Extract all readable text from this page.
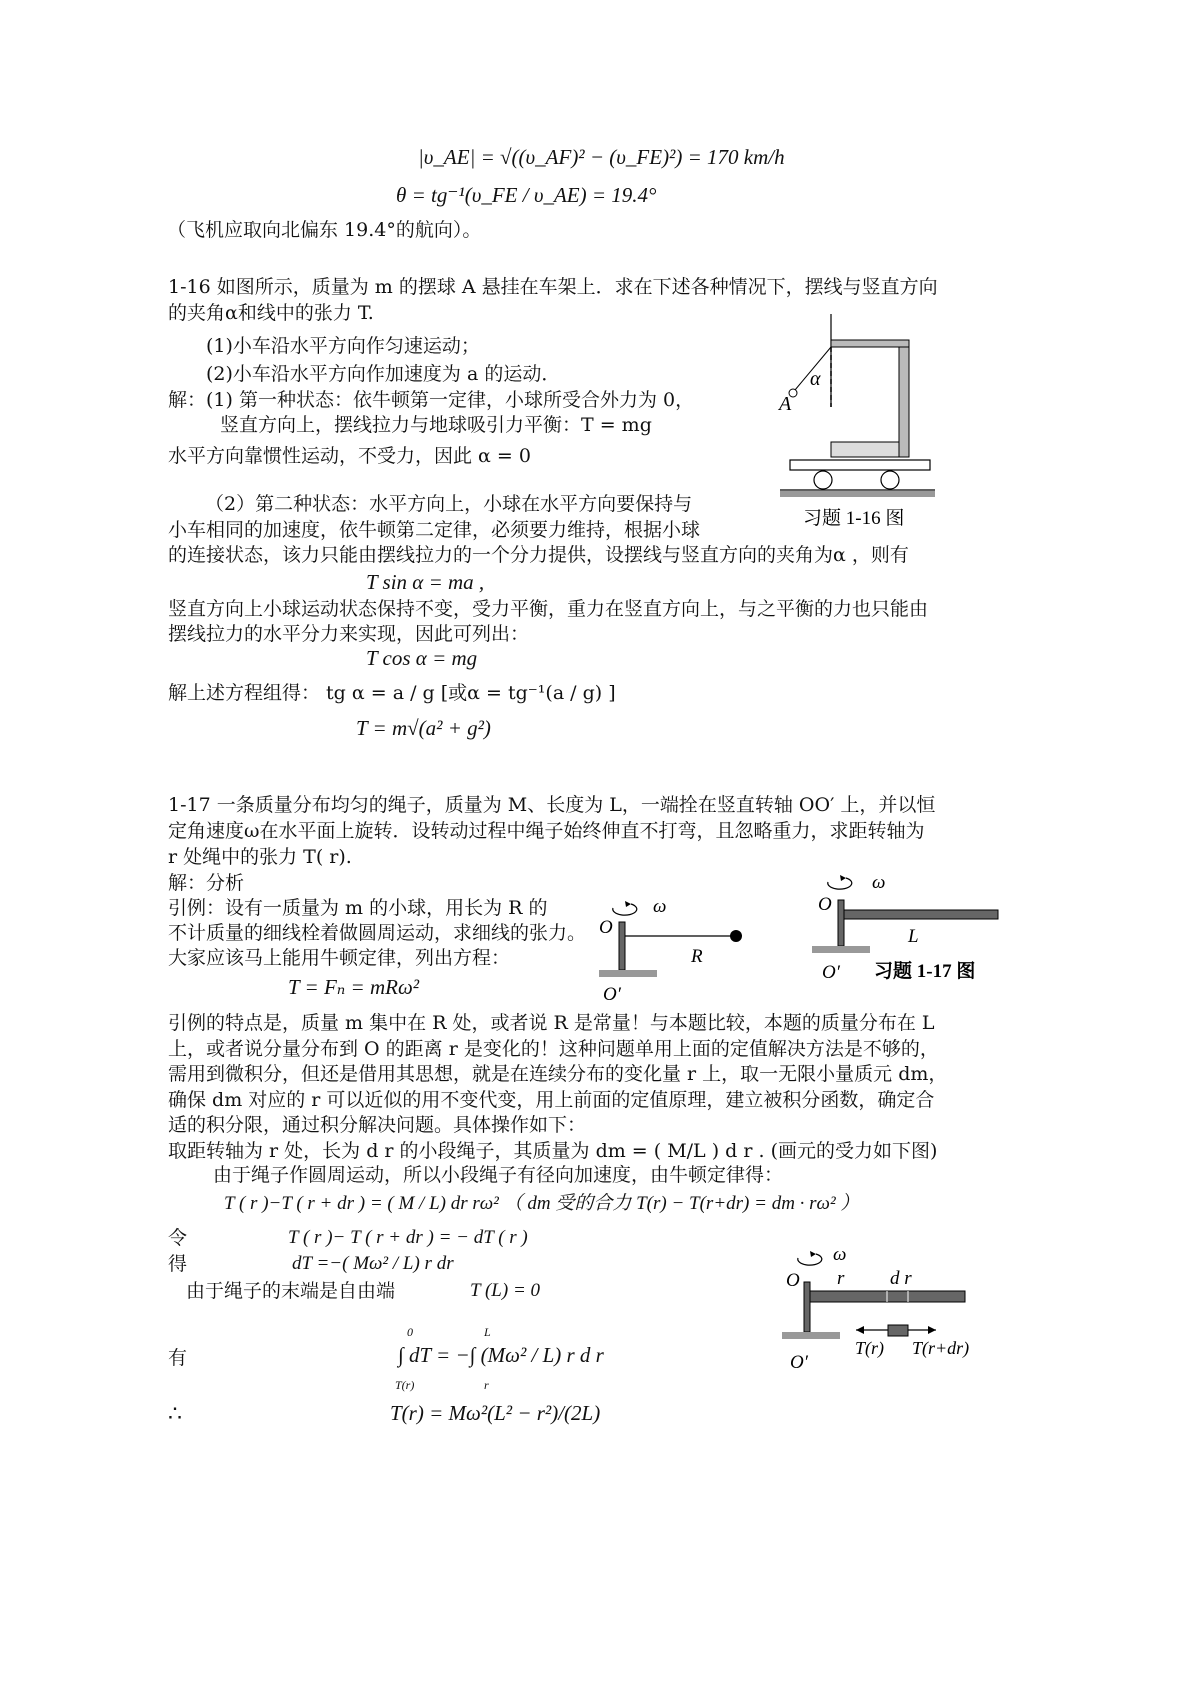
|υ_AE| = √((υ_AF)² − (υ_FE)²) = 170 km/h
θ = tg⁻¹(υ_FE / υ_AE) = 19.4°
（飞机应取向北偏东 19.4°的航向）。
1-16 如图所示，质量为 m 的摆球 A 悬挂在车架上．求在下述各种情况下，摆线与竖直方向
的夹角α和线中的张力 T.
(1)小车沿水平方向作匀速运动；
(2)小车沿水平方向作加速度为 a 的运动．
解：(1) 第一种状态：依牛顿第一定律，小球所受合外力为 0，
竖直方向上，摆线拉力与地球吸引力平衡：T = mg
水平方向靠惯性运动，不受力，因此 α = 0
（2）第二种状态：水平方向上，小球在水平方向要保持与
小车相同的加速度，依牛顿第二定律，必须要力维持，根据小球
的连接状态，该力只能由摆线拉力的一个分力提供，设摆线与竖直方向的夹角为α ，则有
T sin α = ma ,
竖直方向上小球运动状态保持不变，受力平衡，重力在竖直方向上，与之平衡的力也只能由
摆线拉力的水平分力来实现，因此可列出：
T cos α = mg
解上述方程组得： tg α = a / g [或α = tg⁻¹(a / g) ]
T = m√(a² + g²)
α
A
习题 1-16 图
1-17 一条质量分布均匀的绳子，质量为 M、长度为 L，一端拴在竖直转轴 OO′ 上，并以恒
定角速度ω在水平面上旋转．设转动过程中绳子始终伸直不打弯，且忽略重力，求距转轴为
r 处绳中的张力 T( r).
解：分析
引例：设有一质量为 m 的小球，用长为 R 的
不计质量的细线栓着做圆周运动，求细线的张力。
大家应该马上能用牛顿定律，列出方程：
T = Fₙ = mRω²
ω
O
R
O′
ω
O
L
O′ 习题 1-17 图
引例的特点是，质量 m 集中在 R 处，或者说 R 是常量！与本题比较，本题的质量分布在 L
上，或者说分量分布到 O 的距离 r 是变化的！这种问题单用上面的定值解决方法是不够的，
需用到微积分，但还是借用其思想，就是在连续分布的变化量 r 上，取一无限小量质元 dm，
确保 dm 对应的 r 可以近似的用不变代变，用上前面的定值原理，建立被积分函数，确定合
适的积分限，通过积分解决问题。具体操作如下：
取距转轴为 r 处，长为 d r 的小段绳子，其质量为 dm = ( M/L ) d r . (画元的受力如下图)
由于绳子作圆周运动，所以小段绳子有径向加速度，由牛顿定律得：
T ( r )−T ( r + dr ) = ( M / L) dr rω² （ dm 受的合力 T(r) − T(r+dr) = dm · rω² ）
令	T ( r )− T ( r + dr ) = − dT ( r )
得	dT =−( Mω² / L) r dr
由于绳子的末端是自由端	T (L) = 0
ω
O r d r
T(r) T(r+dr)
O′
有	∫ dT = −∫ (Mω² / L) r d r
0
T(r)
L
r
∴	T(r) = Mω²(L² − r²)/(2L)
